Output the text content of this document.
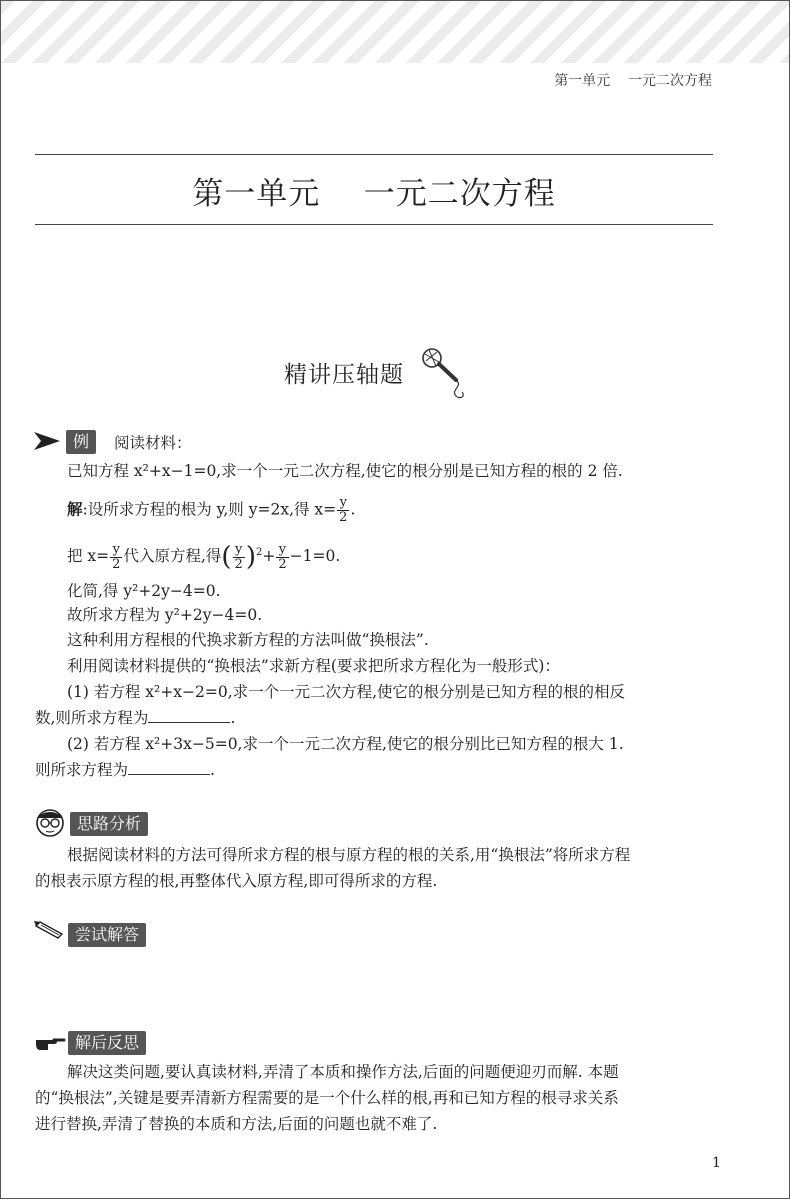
第一单元    一元二次方程
第一单元    一元二次方程
精讲压轴题
例	阅读材料：
已知方程 x²+x−1=0,求一个一元二次方程,使它的根分别是已知方程的根的 2 倍.
解:设所求方程的根为 y,则 y=2x,得 $x= \frac{y}{2}$ .
把 $x= \frac{y}{2}$ 代入原方程,得( $\frac{y}{2} )^2+ \frac{y}{2} -1=0$.
化简,得 y²+2y−4=0.
故所求方程为 y²+2y−4=0.
这种利用方程根的代换求新方程的方法叫做“换根法”.
利用阅读材料提供的“换根法”求新方程(要求把所求方程化为一般形式)：
(1) 若方程 x²+x−2=0,求一个一元二次方程,使它的根分别是已知方程的根的相反
数,则所求方程为	.
(2) 若方程 x²+3x−5=0,求一个一元二次方程,使它的根分别比已知方程的根大 1.
则所求方程为	.
思路分析
根据阅读材料的方法可得所求方程的根与原方程的根的关系,用“换根法”将所求方程
的根表示原方程的根,再整体代入原方程,即可得所求的方程.
尝试解答
解后反思
解决这类问题,要认真读材料,弄清了本质和操作方法,后面的问题便迎刃而解. 本题
的“换根法”,关键是要弄清新方程需要的是一个什么样的根,再和已知方程的根寻求关系
进行替换,弄清了替换的本质和方法,后面的问题也就不难了.
1
